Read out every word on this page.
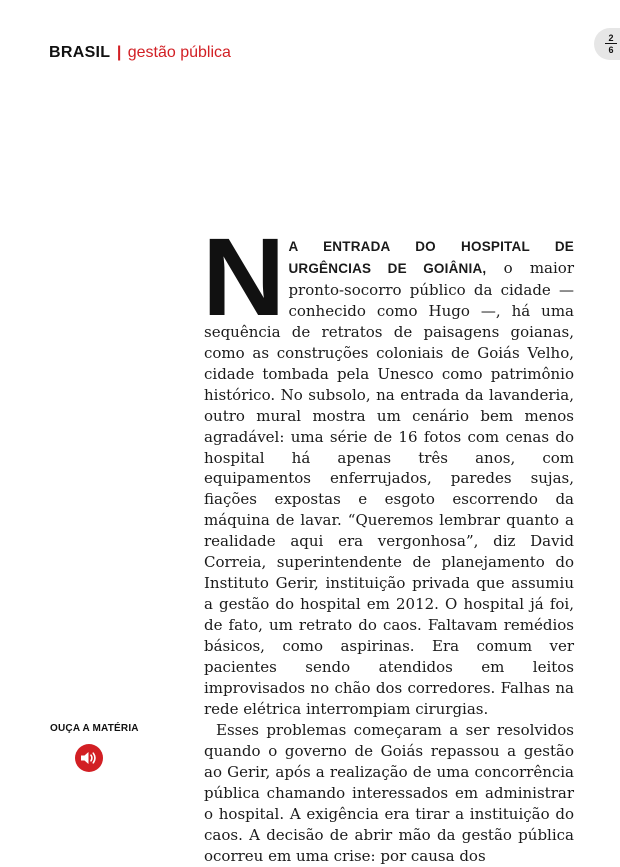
BRASIL | gestão pública
2
6

N A ENTRADA DO HOSPITAL DE URGÊNCIAS DE GOIÂNIA, o maior pronto-socorro público da cidade — conhecido como Hugo —, há uma sequência de retratos de paisagens goianas, como as construções coloniais de Goiás Velho, cidade tombada pela Unesco como patrimônio histórico. No subsolo, na entrada da lavanderia, outro mural mostra um cenário bem menos agradável: uma série de 16 fotos com cenas do hospital há apenas três anos, com equipamentos enferrujados, paredes sujas, fiações expostas e esgoto escorrendo da máquina de lavar. “Queremos lembrar quanto a realidade aqui era vergonhosa”, diz David Correia, superintendente de planejamento do Instituto Gerir, instituição privada que assumiu a gestão do hospital em 2012. O hospital já foi, de fato, um retrato do caos. Faltavam remédios básicos, como aspirinas. Era comum ver pacientes sendo atendidos em leitos improvisados no chão dos corredores. Falhas na rede elétrica interrompiam cirurgias.

Esses problemas começaram a ser resolvidos quando o governo de Goiás repassou a gestão ao Gerir, após a realização de uma concorrência pública chamando interessados em administrar o hospital. A exigência era tirar a instituição do caos. A decisão de abrir mão da gestão pública ocorreu em uma crise: por causa dos

OUÇA A MATÉRIA
